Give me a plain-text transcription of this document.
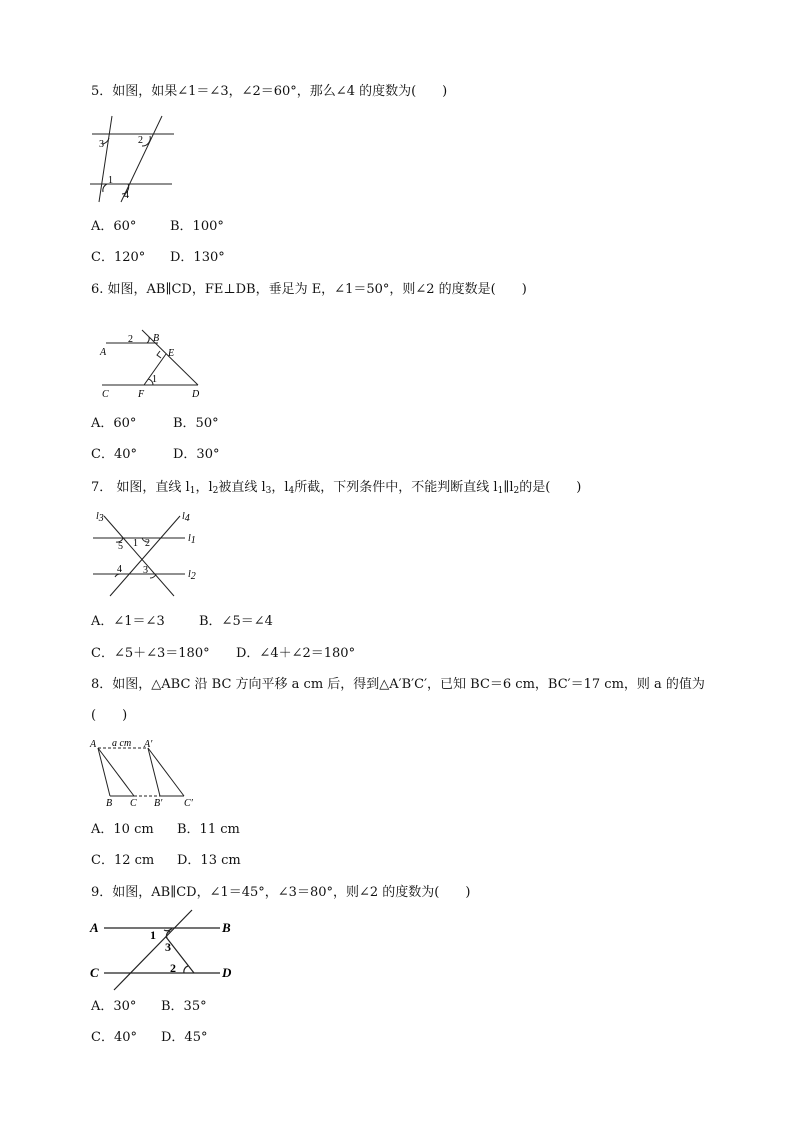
5．如图，如果∠1＝∠3，∠2＝60°，那么∠4 的度数为(　　)
3	2
1
4
A．60°	B．100°
C．120° D．130°
6. 如图，AB∥CD，FE⊥DB，垂足为 E，∠1＝50°，则∠2 的度数是(　　)
2 B
A	E
1
C	F	D
A．60°	B．50°
C．40°	D．30°
7． 如图，直线 $l_1$，$l_2$被直线 $l_3$，$l_4$所截，下列条件中，不能判断直线 $l_1\parallel l_2$的是(　　)
l3	l4
l1
l2
5 1 2
4 3
A．∠1＝∠3	B．∠5＝∠4
C．∠5＋∠3＝180° D．∠4＋∠2＝180°
8．如图，△ABC 沿 BC 方向平移 a cm 后，得到△A′B′C′，已知 BC＝6 cm，BC′＝17 cm，则 a 的值为
(　　)
A a cm A′
B C B′ C′
A．10 cm B．11 cm
C．12 cm D．13 cm
9．如图，AB∥CD，∠1＝45°，∠3＝80°，则∠2 的度数为(　　)
A	B
1
3
C	2	D
A．30° B．35°
C．40° D．45°
